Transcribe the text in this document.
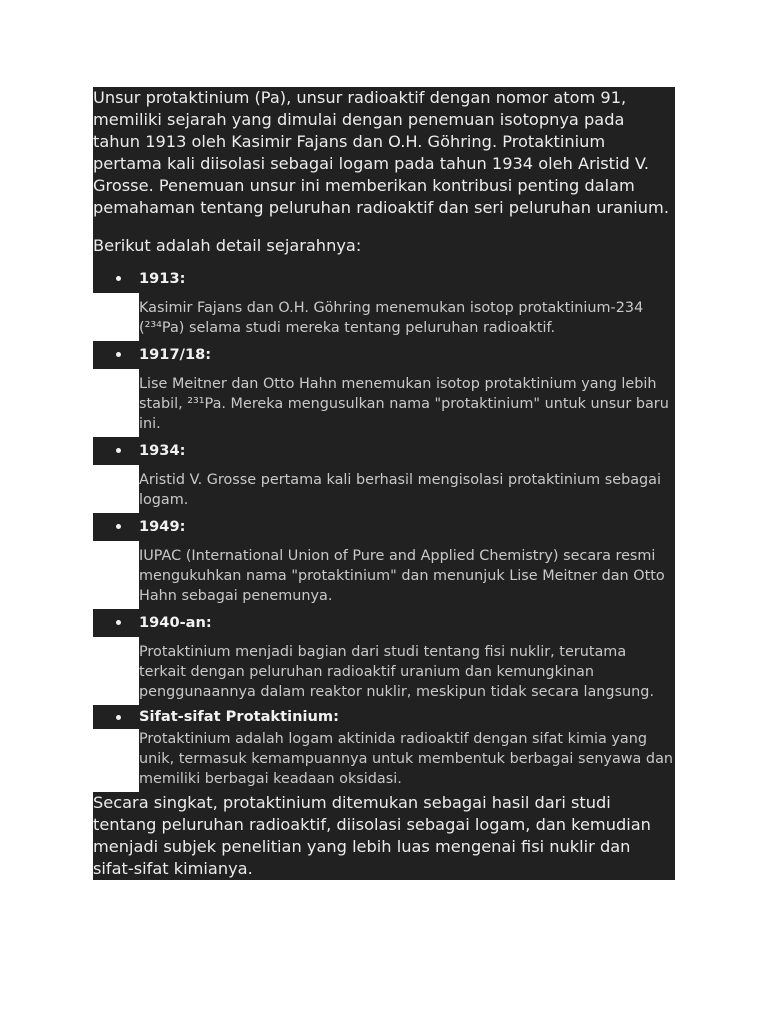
Unsur protaktinium (Pa), unsur radioaktif dengan nomor atom 91, memiliki sejarah yang dimulai dengan penemuan isotopnya pada tahun 1913 oleh Kasimir Fajans dan O.H. Göhring. Protaktinium pertama kali diisolasi sebagai logam pada tahun 1934 oleh Aristid V. Grosse. Penemuan unsur ini memberikan kontribusi penting dalam pemahaman tentang peluruhan radioaktif dan seri peluruhan uranium.

Berikut adalah detail sejarahnya:

1913:

Kasimir Fajans dan O.H. Göhring menemukan isotop protaktinium-234 (²³⁴Pa) selama studi mereka tentang peluruhan radioaktif.

1917/18:

Lise Meitner dan Otto Hahn menemukan isotop protaktinium yang lebih stabil, ²³¹Pa. Mereka mengusulkan nama "protaktinium" untuk unsur baru ini.

1934:

Aristid V. Grosse pertama kali berhasil mengisolasi protaktinium sebagai logam.

1949:

IUPAC (International Union of Pure and Applied Chemistry) secara resmi mengukuhkan nama "protaktinium" dan menunjuk Lise Meitner dan Otto Hahn sebagai penemunya.

1940-an:

Protaktinium menjadi bagian dari studi tentang fisi nuklir, terutama terkait dengan peluruhan radioaktif uranium dan kemungkinan penggunaannya dalam reaktor nuklir, meskipun tidak secara langsung.

Sifat-sifat Protaktinium:

Protaktinium adalah logam aktinida radioaktif dengan sifat kimia yang unik, termasuk kemampuannya untuk membentuk berbagai senyawa dan memiliki berbagai keadaan oksidasi.

Secara singkat, protaktinium ditemukan sebagai hasil dari studi tentang peluruhan radioaktif, diisolasi sebagai logam, dan kemudian menjadi subjek penelitian yang lebih luas mengenai fisi nuklir dan sifat-sifat kimianya.
